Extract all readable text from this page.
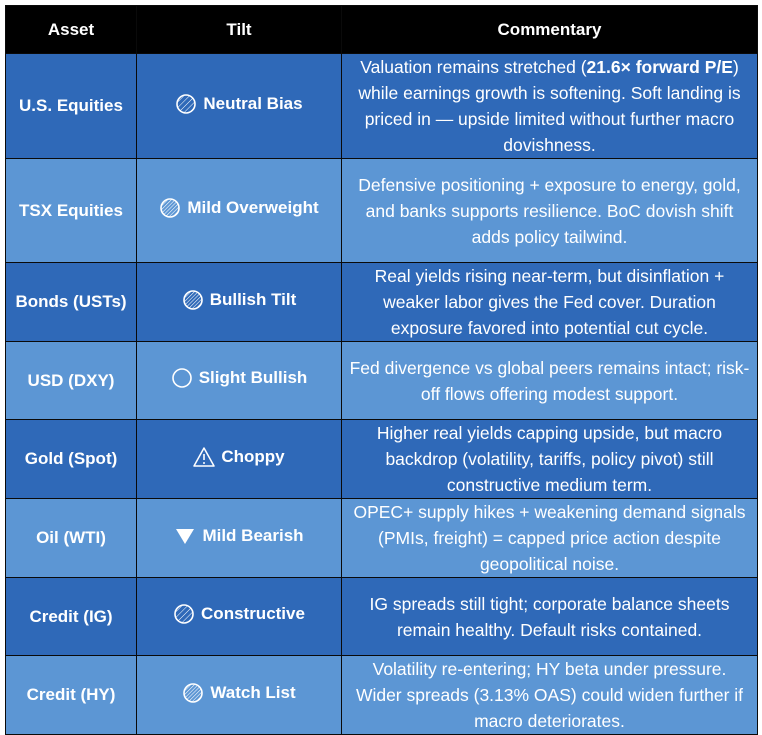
Asset	Tilt	Commentary
U.S. Equities	Neutral Bias	Valuation remains stretched (21.6× forward P/E) while earnings growth is softening. Soft landing is priced in — upside limited without further macro dovishness.
TSX Equities	Mild Overweight	Defensive positioning + exposure to energy, gold, and banks supports resilience. BoC dovish shift adds policy tailwind.
Bonds (USTs)	Bullish Tilt	Real yields rising near-term, but disinflation + weaker labor gives the Fed cover. Duration exposure favored into potential cut cycle.
USD (DXY)	Slight Bullish	Fed divergence vs global peers remains intact; risk-off flows offering modest support.
Gold (Spot)	Choppy	Higher real yields capping upside, but macro backdrop (volatility, tariffs, policy pivot) still constructive medium term.
Oil (WTI)	Mild Bearish	OPEC+ supply hikes + weakening demand signals (PMIs, freight) = capped price action despite geopolitical noise.
Credit (IG)	Constructive	IG spreads still tight; corporate balance sheets remain healthy. Default risks contained.
Credit (HY)	Watch List	Volatility re-entering; HY beta under pressure. Wider spreads (3.13% OAS) could widen further if macro deteriorates.
